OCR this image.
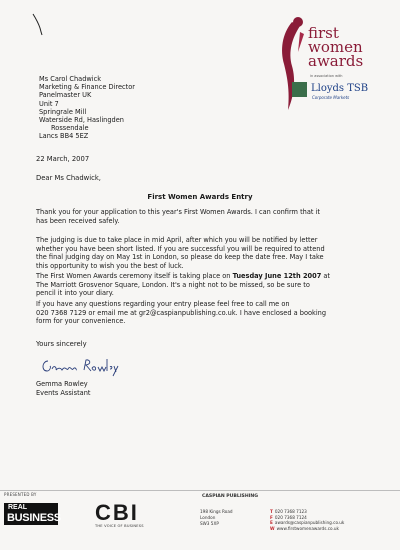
first
women
awards
in association with
Lloyds TSB
Corporate Markets
Ms Carol Chadwick
Marketing & Finance Director
Panelmaster UK
Unit 7
Springrale Mill
Waterside Rd, Haslingden
Rossendale
Lancs BB4 5EZ
22 March, 2007
Dear Ms Chadwick,
First Women Awards Entry
Thank you for your application to this year's First Women Awards. I can confirm that it
has been received safely.
The judging is due to take place in mid April, after which you will be notified by letter
whether you have been short listed. If you are successful you will be required to attend
the final judging day on May 1st in London, so please do keep the date free. May I take
this opportunity to wish you the best of luck.
The First Women Awards ceremony itself is taking place on Tuesday June 12th 2007 at
The Marriott Grosvenor Square, London. It's a night not to be missed, so be sure to
pencil it into your diary.
If you have any questions regarding your entry please feel free to call me on
020 7368 7129 or email me at gr2@caspianpublishing.co.uk. I have enclosed a booking
form for your convenience.
Yours sincerely
Gemma Rowley
Events Assistant
PRESENTED BY
REAL
BUSINESS CBI
THE VOICE OF BUSINESS
CASPIAN PUBLISHING
198 Kings Road
London
SW3 5XP
T 020 7368 7123
F 020 7368 7124
E awards@caspianpublishing.co.uk
W www.firstwomenawards.co.uk
